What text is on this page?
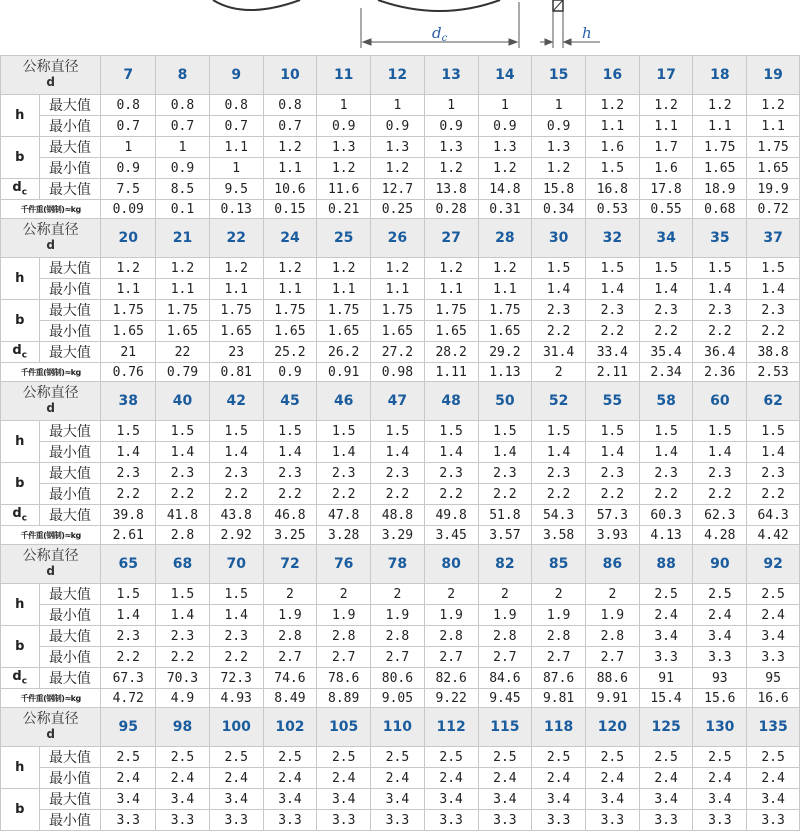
$d_c$	h
公称直径
d		7	8	9	10	11	12	13	14	15	16	17	18	19
h	最大值	0.8	0.8	0.8	0.8	1	1	1	1	1	1.2	1.2	1.2	1.2
	最小值	0.7	0.7	0.7	0.7	0.9	0.9	0.9	0.9	0.9	1.1	1.1	1.1	1.1
b	最大值	1	1	1.1	1.2	1.3	1.3	1.3	1.3	1.3	1.6	1.7	1.75	1.75
	最小值	0.9	0.9	1	1.1	1.2	1.2	1.2	1.2	1.2	1.5	1.6	1.65	1.65
$d_c$	最大值	7.5	8.5	9.5	10.6	11.6	12.7	13.8	14.8	15.8	16.8	17.8	18.9	19.9
千件重(钢制)≈kg		0.09	0.1	0.13	0.15	0.21	0.25	0.28	0.31	0.34	0.53	0.55	0.68	0.72

公称直径
d		20	21	22	24	25	26	27	28	30	32	34	35	37
h	最大值	1.2	1.2	1.2	1.2	1.2	1.2	1.2	1.2	1.5	1.5	1.5	1.5	1.5
	最小值	1.1	1.1	1.1	1.1	1.1	1.1	1.1	1.1	1.4	1.4	1.4	1.4	1.4
b	最大值	1.75	1.75	1.75	1.75	1.75	1.75	1.75	1.75	2.3	2.3	2.3	2.3	2.3
	最小值	1.65	1.65	1.65	1.65	1.65	1.65	1.65	1.65	2.2	2.2	2.2	2.2	2.2
$d_c$	最大值	21	22	23	25.2	26.2	27.2	28.2	29.2	31.4	33.4	35.4	36.4	38.8
千件重(钢制)≈kg		0.76	0.79	0.81	0.9	0.91	0.98	1.11	1.13	2	2.11	2.34	2.36	2.53

公称直径
d		38	40	42	45	46	47	48	50	52	55	58	60	62
h	最大值	1.5	1.5	1.5	1.5	1.5	1.5	1.5	1.5	1.5	1.5	1.5	1.5	1.5
	最小值	1.4	1.4	1.4	1.4	1.4	1.4	1.4	1.4	1.4	1.4	1.4	1.4	1.4
b	最大值	2.3	2.3	2.3	2.3	2.3	2.3	2.3	2.3	2.3	2.3	2.3	2.3	2.3
	最小值	2.2	2.2	2.2	2.2	2.2	2.2	2.2	2.2	2.2	2.2	2.2	2.2	2.2
$d_c$	最大值	39.8	41.8	43.8	46.8	47.8	48.8	49.8	51.8	54.3	57.3	60.3	62.3	64.3
千件重(钢制)≈kg		2.61	2.8	2.92	3.25	3.28	3.29	3.45	3.57	3.58	3.93	4.13	4.28	4.42

公称直径
d		65	68	70	72	76	78	80	82	85	86	88	90	92
h	最大值	1.5	1.5	1.5	2	2	2	2	2	2	2	2.5	2.5	2.5
	最小值	1.4	1.4	1.4	1.9	1.9	1.9	1.9	1.9	1.9	1.9	2.4	2.4	2.4
b	最大值	2.3	2.3	2.3	2.8	2.8	2.8	2.8	2.8	2.8	2.8	3.4	3.4	3.4
	最小值	2.2	2.2	2.2	2.7	2.7	2.7	2.7	2.7	2.7	2.7	3.3	3.3	3.3
$d_c$	最大值	67.3	70.3	72.3	74.6	78.6	80.6	82.6	84.6	87.6	88.6	91	93	95
千件重(钢制)≈kg		4.72	4.9	4.93	8.49	8.89	9.05	9.22	9.45	9.81	9.91	15.4	15.6	16.6

公称直径
d		95	98	100	102	105	110	112	115	118	120	125	130	135
h	最大值	2.5	2.5	2.5	2.5	2.5	2.5	2.5	2.5	2.5	2.5	2.5	2.5	2.5
	最小值	2.4	2.4	2.4	2.4	2.4	2.4	2.4	2.4	2.4	2.4	2.4	2.4	2.4
b	最大值	3.4	3.4	3.4	3.4	3.4	3.4	3.4	3.4	3.4	3.4	3.4	3.4	3.4
	最小值	3.3	3.3	3.3	3.3	3.3	3.3	3.3	3.3	3.3	3.3	3.3	3.3	3.3
